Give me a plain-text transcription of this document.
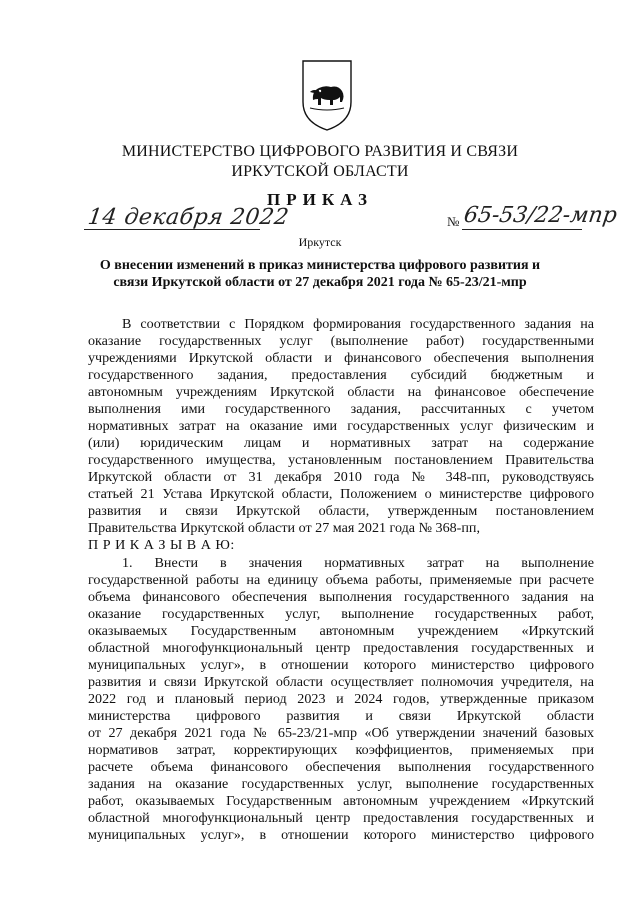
МИНИСТЕРСТВО ЦИФРОВОГО РАЗВИТИЯ И СВЯЗИ
ИРКУТСКОЙ ОБЛАСТИ
ПРИКАЗ
14 декабря 2022	№ 65-53/22-мпр
Иркутск
О внесении изменений в приказ министерства цифрового развития и
связи Иркутской области от 27 декабря 2021 года № 65-23/21-мпр
В соответствии с Порядком формирования государственного задания на
оказание государственных услуг (выполнение работ) государственными
учреждениями Иркутской области и финансового обеспечения выполнения
государственного задания, предоставления субсидий бюджетным и
автономным учреждениям Иркутской области на финансовое обеспечение
выполнения ими государственного задания, рассчитанных с учетом
нормативных затрат на оказание ими государственных услуг физическим и
(или) юридическим лицам и нормативных затрат на содержание
государственного имущества, установленным постановлением Правительства
Иркутской области от 31 декабря 2010 года № 348-пп, руководствуясь
статьей 21 Устава Иркутской области, Положением о министерстве цифрового
развития и связи Иркутской области, утвержденным постановлением
Правительства Иркутской области от 27 мая 2021 года № 368-пп,
П Р И К А З Ы В А Ю:
1. Внести в значения нормативных затрат на выполнение
государственной работы на единицу объема работы, применяемые при расчете
объема финансового обеспечения выполнения государственного задания на
оказание государственных услуг, выполнение государственных работ,
оказываемых Государственным автономным учреждением «Иркутский
областной многофункциональный центр предоставления государственных и
муниципальных услуг», в отношении которого министерство цифрового
развития и связи Иркутской области осуществляет полномочия учредителя, на
2022 год и плановый период 2023 и 2024 годов, утвержденные приказом
министерства цифрового развития и связи Иркутской области
от 27 декабря 2021 года № 65-23/21-мпр «Об утверждении значений базовых
нормативов затрат, корректирующих коэффициентов, применяемых при
расчете объема финансового обеспечения выполнения государственного
задания на оказание государственных услуг, выполнение государственных
работ, оказываемых Государственным автономным учреждением «Иркутский
областной многофункциональный центр предоставления государственных и
муниципальных услуг», в отношении которого министерство цифрового
